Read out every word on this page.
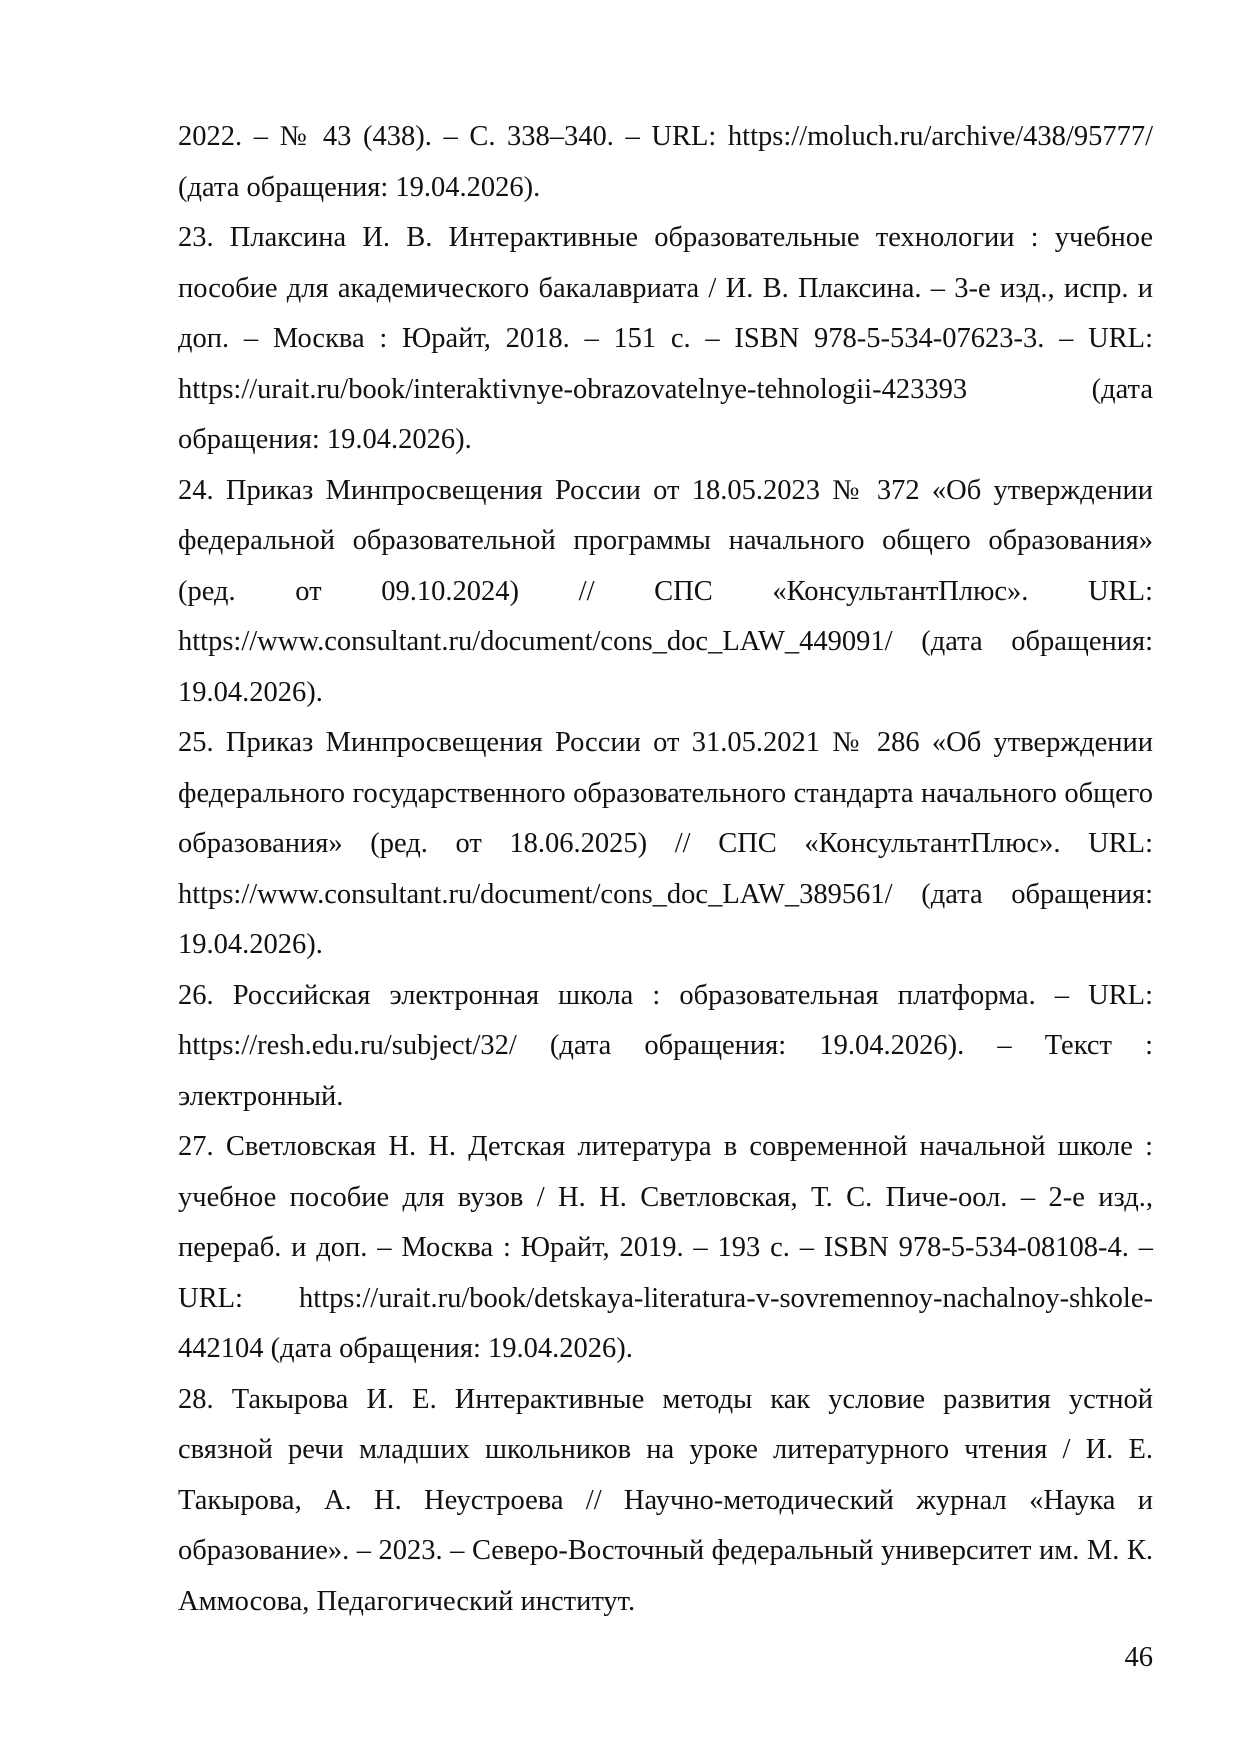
2022. – № 43 (438). – С. 338–340. – URL: https://moluch.ru/archive/438/95777/ (дата обращения: 19.04.2026).

23. Плаксина И. В. Интерактивные образовательные технологии : учебное пособие для академического бакалавриата / И. В. Плаксина. – 3-е изд., испр. и доп. – Москва : Юрайт, 2018. – 151 с. – ISBN 978-5-534-07623-3. – URL: https://urait.ru/book/interaktivnye-obrazovatelnye-tehnologii-423393 (дата обращения: 19.04.2026).

24. Приказ Минпросвещения России от 18.05.2023 № 372 «Об утверждении федеральной образовательной программы начального общего образования» (ред. от 09.10.2024) // СПС «КонсультантПлюс». URL: https://www.consultant.ru/document/cons_doc_LAW_449091/ (дата обращения: 19.04.2026).

25. Приказ Минпросвещения России от 31.05.2021 № 286 «Об утверждении федерального государственного образовательного стандарта начального общего образования» (ред. от 18.06.2025) // СПС «КонсультантПлюс». URL: https://www.consultant.ru/document/cons_doc_LAW_389561/ (дата обращения: 19.04.2026).

26. Российская электронная школа : образовательная платформа. – URL: https://resh.edu.ru/subject/32/ (дата обращения: 19.04.2026). – Текст : электронный.

27. Светловская Н. Н. Детская литература в современной начальной школе : учебное пособие для вузов / Н. Н. Светловская, Т. С. Пиче-оол. – 2-е изд., перераб. и доп. – Москва : Юрайт, 2019. – 193 с. – ISBN 978-5-534-08108-4. – URL: https://urait.ru/book/detskaya-literatura-v-sovremennoy-nachalnoy-shkole-442104 (дата обращения: 19.04.2026).

28. Такырова И. Е. Интерактивные методы как условие развития устной связной речи младших школьников на уроке литературного чтения / И. Е. Такырова, А. Н. Неустроева // Научно-методический журнал «Наука и образование». – 2023. – Северо-Восточный федеральный университет им. М. К. Аммосова, Педагогический институт.

46
